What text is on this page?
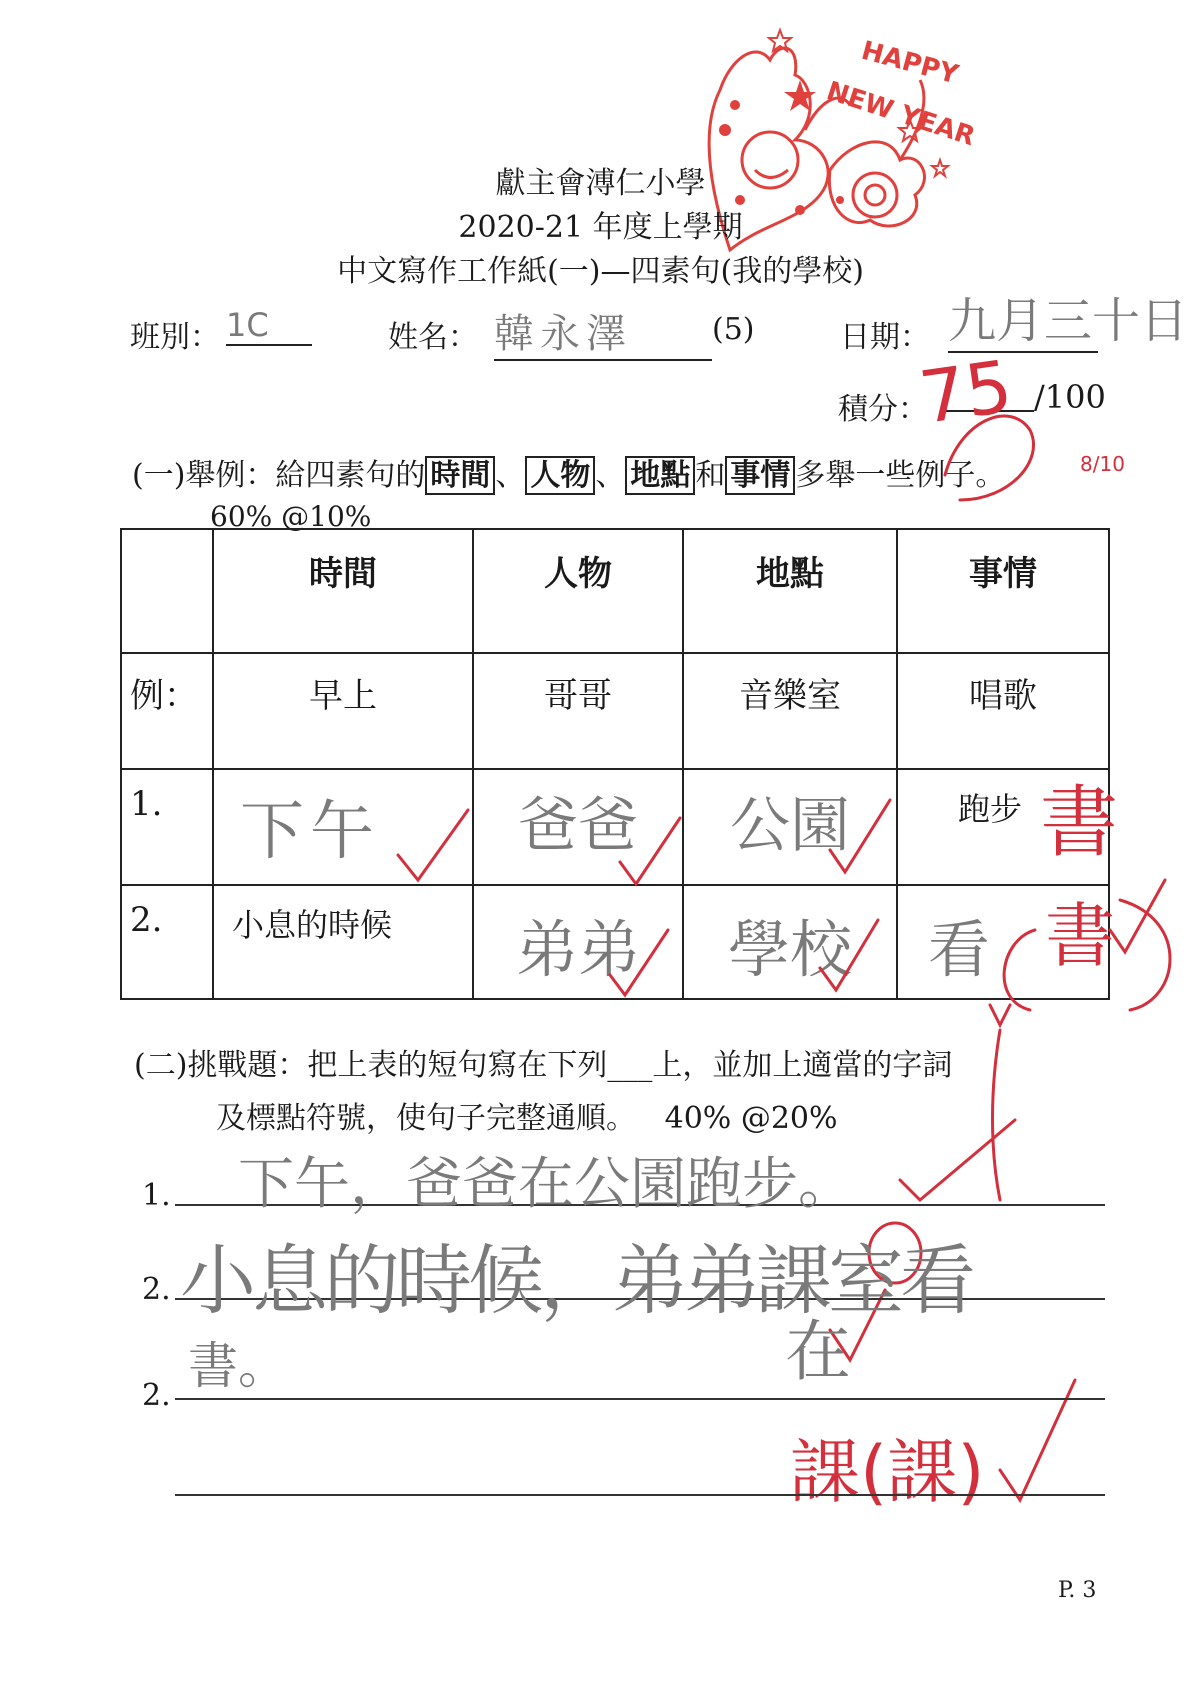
HAPPY
NEW YEAR
獻主會溥仁小學
2020-21 年度上學期
中文寫作工作紙(一)—四素句(我的學校)
班別： 1C	姓名： 韓永澤	(5)	日期： 九月三十日
積分：
75 /100
(一)舉例：給四素句的 時間 、 人物 、 地點 和 事情 多舉一些例子。	8/10
60% @10%
	時間	人物	地點	事情
例：	早上	哥哥	音樂室	唱歌
1.	下午	爸爸	公園	跑步
2.	小息的時候	弟弟	學校	看
書
書
(二)挑戰題：把上表的短句寫在下列___上，並加上適當的字詞
及標點符號，使句子完整通順。   40% @20%
1. 下午，爸爸在公園跑步。
2. 小息的時候，弟弟課室看
在
2.
書。
課(課)
P. 3
